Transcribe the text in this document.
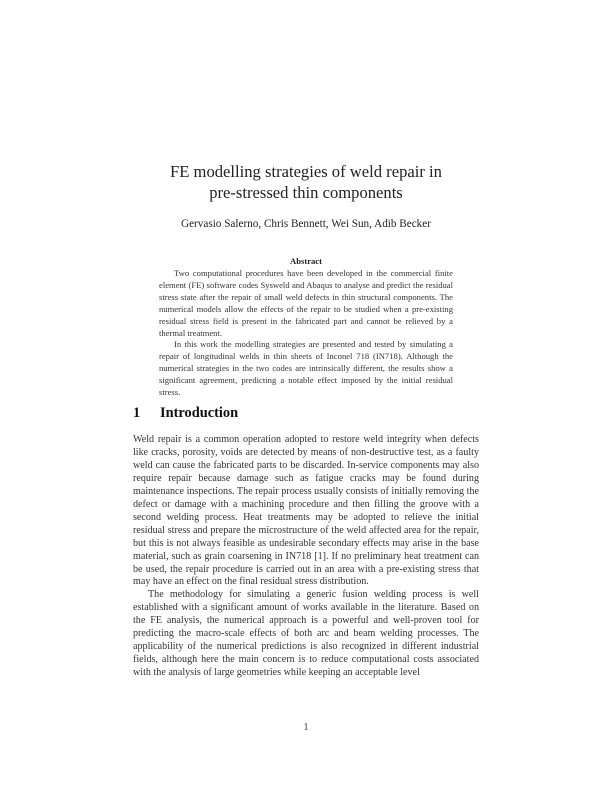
FE modelling strategies of weld repair in
pre-stressed thin components
Gervasio Salerno, Chris Bennett, Wei Sun, Adib Becker
Abstract

Two computational procedures have been developed in the commercial finite element (FE) software codes Sysweld and Abaqus to analyse and predict the residual stress state after the repair of small weld defects in thin structural components. The numerical models allow the effects of the repair to be studied when a pre-existing residual stress field is present in the fabricated part and cannot be relieved by a thermal treatment.

In this work the modelling strategies are presented and tested by simulating a repair of longitudinal welds in thin sheets of Inconel 718 (IN718). Although the numerical strategies in the two codes are intrinsically different, the results show a significant agreement, predicting a notable effect imposed by the initial residual stress.

1 Introduction

Weld repair is a common operation adopted to restore weld integrity when defects like cracks, porosity, voids are detected by means of non-destructive test, as a faulty weld can cause the fabricated parts to be discarded. In-service components may also require repair because damage such as fatigue cracks may be found during maintenance inspections. The repair process usually consists of initially removing the defect or damage with a machining procedure and then filling the groove with a second welding process. Heat treatments may be adopted to relieve the initial residual stress and prepare the microstructure of the weld affected area for the repair, but this is not always feasible as undesirable secondary effects may arise in the base material, such as grain coarsening in IN718 [1]. If no preliminary heat treatment can be used, the repair procedure is carried out in an area with a pre-existing stress that may have an effect on the final residual stress distribution.

The methodology for simulating a generic fusion welding process is well established with a significant amount of works available in the literature. Based on the FE analysis, the numerical approach is a powerful and well-proven tool for predicting the macro-scale effects of both arc and beam welding processes. The applicability of the numerical predictions is also recognized in different industrial fields, although here the main concern is to reduce computational costs associated with the analysis of large geometries while keeping an acceptable level

1
